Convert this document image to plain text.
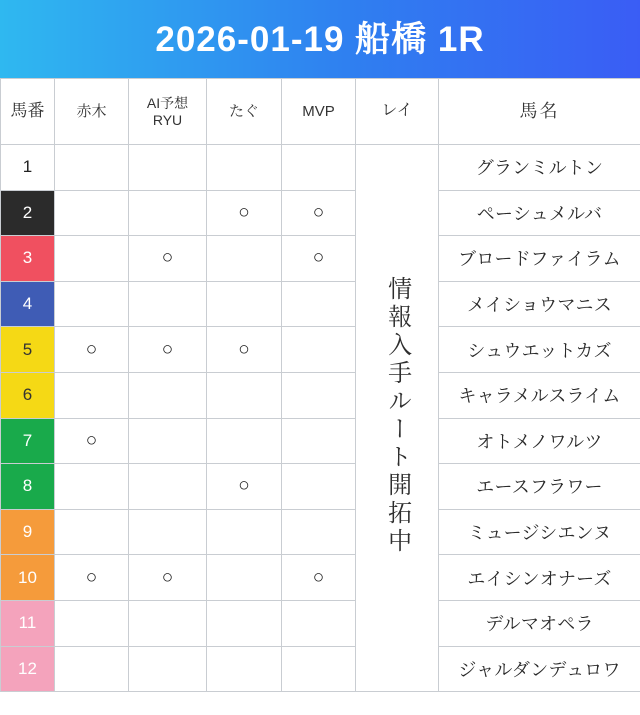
2026-01-19 船橋 1R
馬番	赤木	AI予想
RYU	たぐ	MVP	レイ	馬名
1					情報入手ルート開拓中	グランミルトン
2			○	○		ペーシュメルバ
3		○		○		ブロードファイラム
4						メイショウマニス
5	○	○	○			シュウエットカズ
6						キャラメルスライム
7	○					オトメノワルツ
8			○			エースフラワー
9						ミュージシエンヌ
10	○	○		○		エイシンオナーズ
11						デルマオペラ
12						ジャルダンデュロワ
